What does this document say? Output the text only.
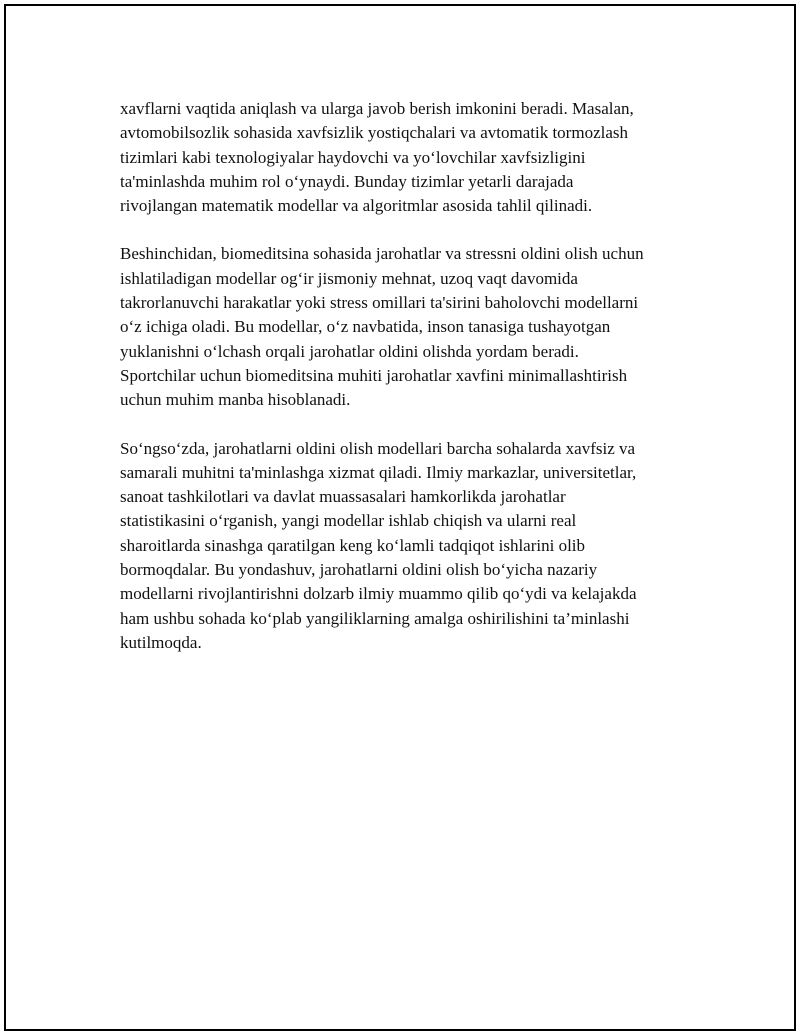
xavflarni vaqtida aniqlash va ularga javob berish imkonini beradi. Masalan,
avtomobilsozlik sohasida xavfsizlik yostiqchalari va avtomatik tormozlash
tizimlari kabi texnologiyalar haydovchi va yo‘lovchilar xavfsizligini
ta'minlashda muhim rol o‘ynaydi. Bunday tizimlar yetarli darajada
rivojlangan matematik modellar va algoritmlar asosida tahlil qilinadi.

Beshinchidan, biomeditsina sohasida jarohatlar va stressni oldini olish uchun
ishlatiladigan modellar og‘ir jismoniy mehnat, uzoq vaqt davomida
takrorlanuvchi harakatlar yoki stress omillari ta'sirini baholovchi modellarni
o‘z ichiga oladi. Bu modellar, o‘z navbatida, inson tanasiga tushayotgan
yuklanishni o‘lchash orqali jarohatlar oldini olishda yordam beradi.
Sportchilar uchun biomeditsina muhiti jarohatlar xavfini minimallashtirish
uchun muhim manba hisoblanadi.

So‘ngso‘zda, jarohatlarni oldini olish modellari barcha sohalarda xavfsiz va
samarali muhitni ta'minlashga xizmat qiladi. Ilmiy markazlar, universitetlar,
sanoat tashkilotlari va davlat muassasalari hamkorlikda jarohatlar
statistikasini o‘rganish, yangi modellar ishlab chiqish va ularni real
sharoitlarda sinashga qaratilgan keng ko‘lamli tadqiqot ishlarini olib
bormoqdalar. Bu yondashuv, jarohatlarni oldini olish bo‘yicha nazariy
modellarni rivojlantirishni dolzarb ilmiy muammo qilib qo‘ydi va kelajakda
ham ushbu sohada ko‘plab yangiliklarning amalga oshirilishini ta’minlashi
kutilmoqda.
